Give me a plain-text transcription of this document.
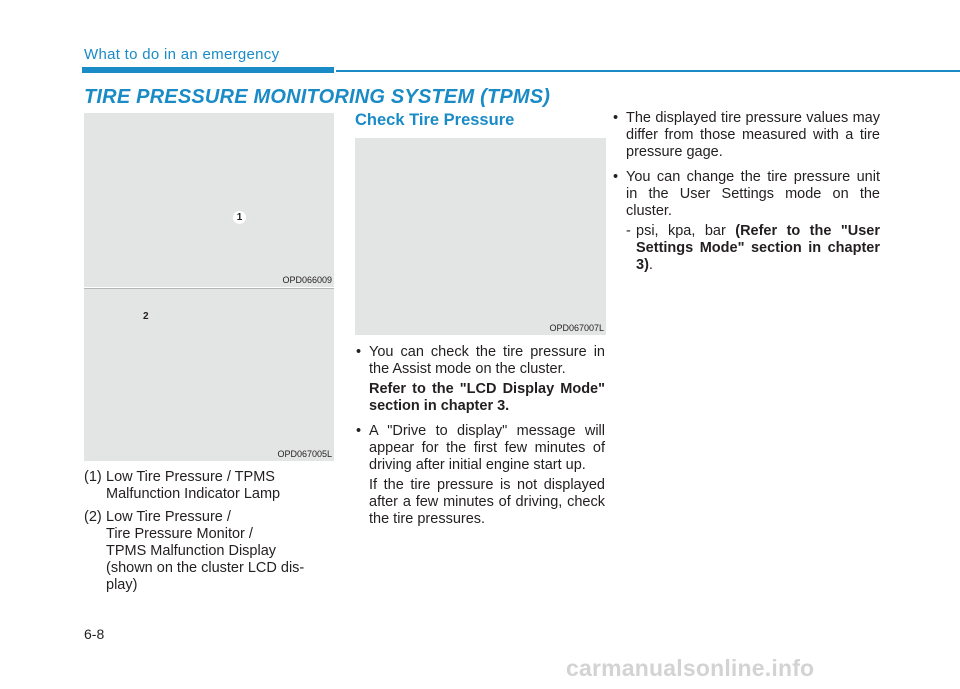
What to do in an emergency
TIRE PRESSURE MONITORING SYSTEM (TPMS)
1
OPD066009
2
OPD067005L
(1) Low Tire Pressure / TPMS
Malfunction Indicator Lamp
(2) Low Tire Pressure /
Tire Pressure Monitor /
TPMS Malfunction Display
(shown on the cluster LCD dis-
play)
Check Tire Pressure
OPD067007L
• You can check the tire pressure in the Assist mode on the cluster.
Refer to the "LCD Display Mode" section in chapter 3.
• A "Drive to display" message will appear for the first few minutes of driving after initial engine start up.
If the tire pressure is not displayed after a few minutes of driving, check the tire pressures.
• The displayed tire pressure values may differ from those measured with a tire pressure gage.
• You can change the tire pressure unit in the User Settings mode on the cluster.
- psi, kpa, bar (Refer to the "User Settings Mode" section in chapter 3).
6-8
carmanualsonline.info
